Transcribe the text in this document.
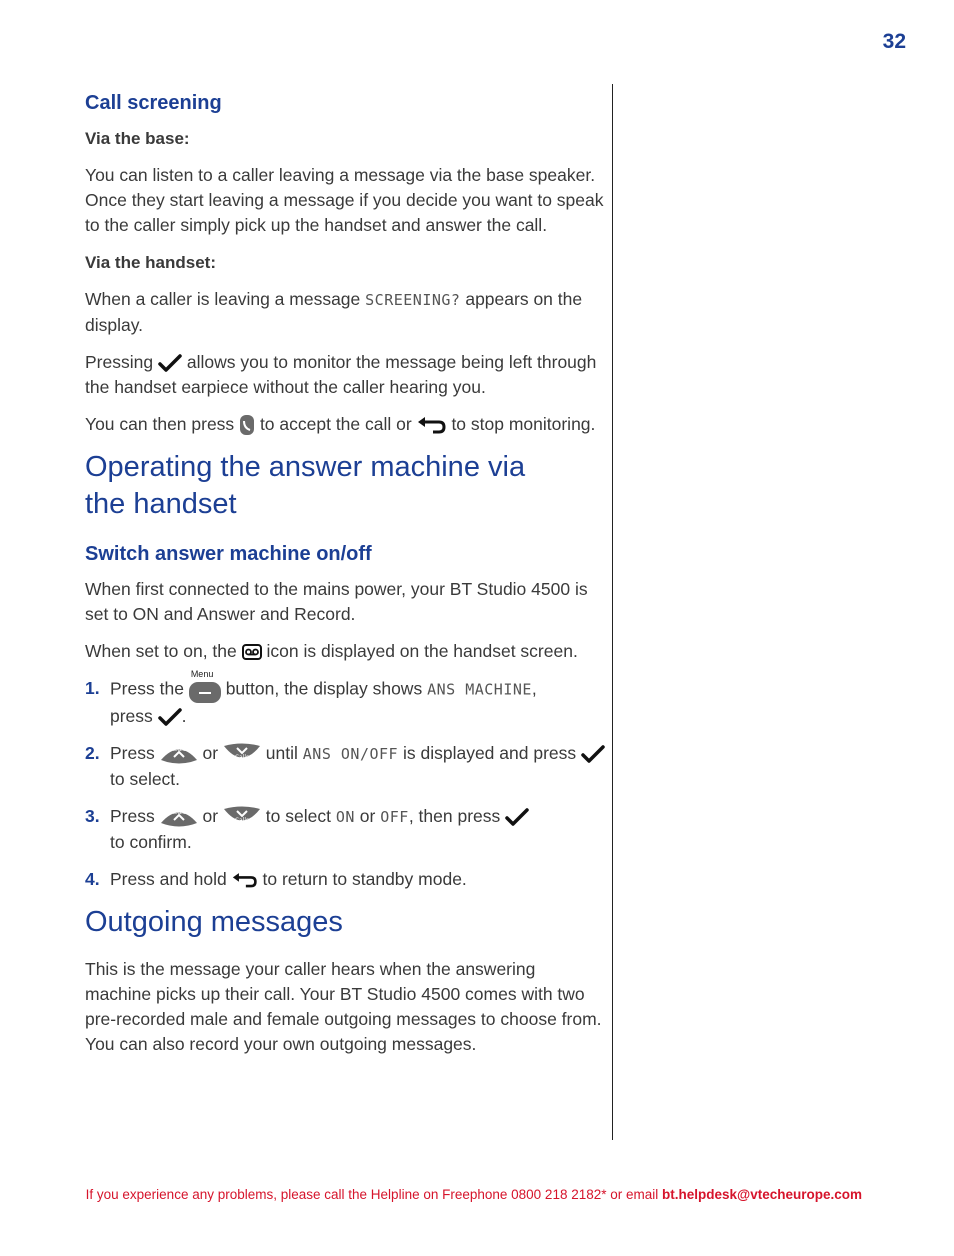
32
Call screening
Via the base:

You can listen to a caller leaving a message via the base speaker. Once they start leaving a message if you decide you want to speak to the caller simply pick up the handset and answer the call.

Via the handset:

When a caller is leaving a message SCREENING? appears on the display.

Pressing allows you to monitor the message being left through the handset earpiece without the caller hearing you.

You can then press to accept the call or to stop monitoring.

Operating the answer machine via
the handset
Switch answer machine on/off

When first connected to the mains power, your BT Studio 4500 is set to ON and Answer and Record.

When set to on, the icon is displayed on the handset screen.

1. Press the
Menu
button, the display shows ANS MACHINE,
press .
2. Press Redial or	Calls until ANS ON/OFF is displayed and press
to select.
3. Press Redial or	Calls to select ON or OFF, then press
to confirm.
4. Press and hold to return to standby mode.
Outgoing messages

This is the message your caller hears when the answering machine picks up their call. Your BT Studio 4500 comes with two pre-recorded male and female outgoing messages to choose from. You can also record your own outgoing messages.

If you experience any problems, please call the Helpline on Freephone 0800 218 2182* or email bt.helpdesk@vtecheurope.com
